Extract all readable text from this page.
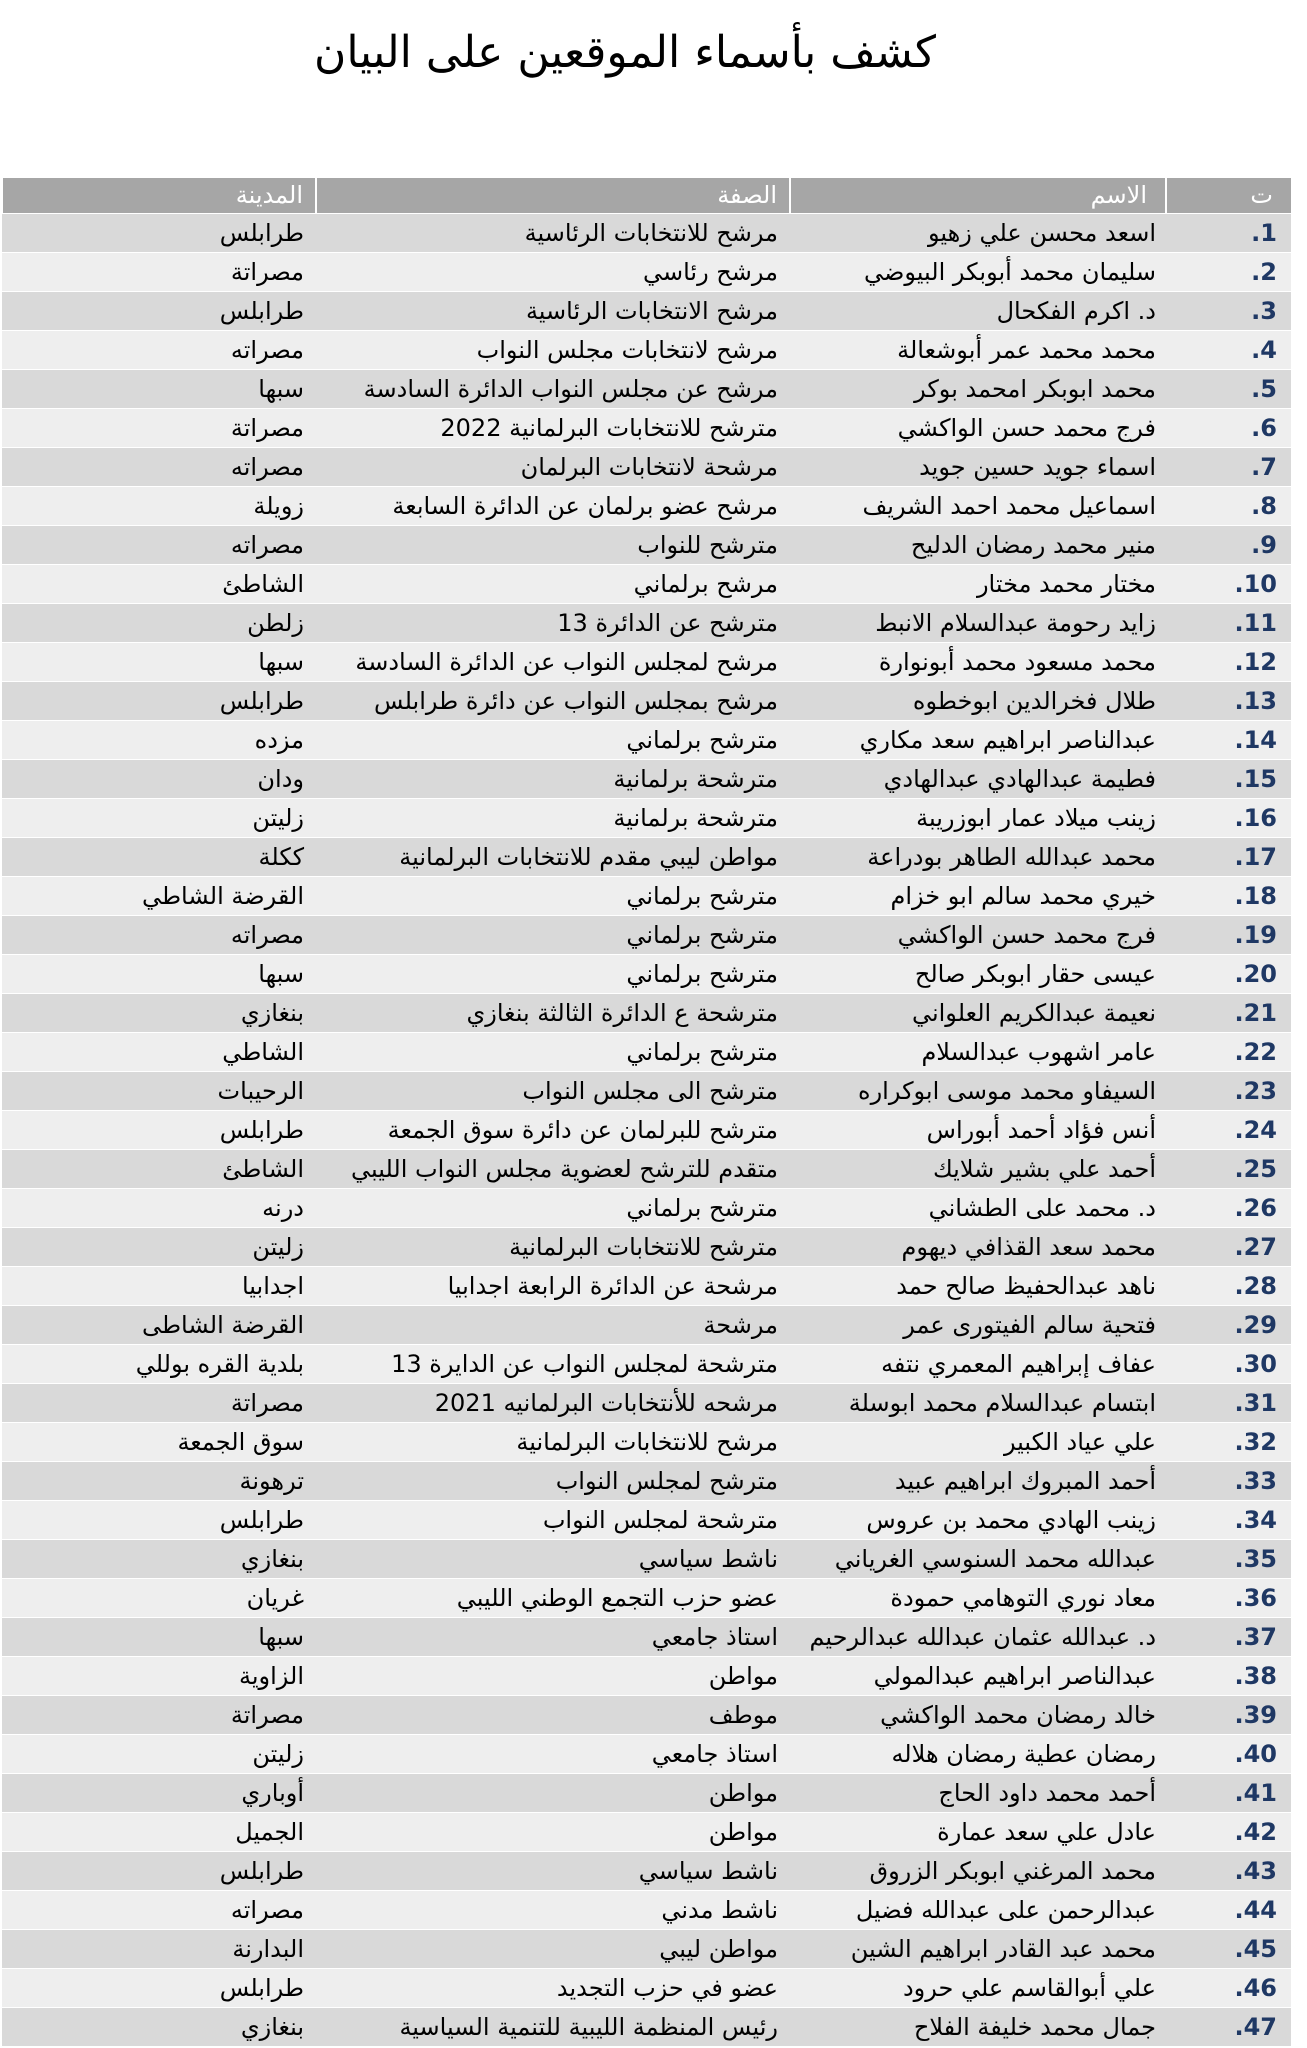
كشف بأسماء الموقعين على البيان
ت	الاسم	الصفة	المدينة
1.	اسعد محسن علي زهيو	مرشح للانتخابات الرئاسية	طرابلس
2.	سليمان محمد أبوبكر البيوضي	مرشح رئاسي	مصراتة
3.	د. اكرم الفكحال	مرشح الانتخابات الرئاسية	طرابلس
4.	محمد محمد عمر أبوشعالة	مرشح لانتخابات مجلس النواب	مصراته
5.	محمد ابوبكر امحمد بوكر	مرشح عن مجلس النواب الدائرة السادسة	سبها
6.	فرج محمد حسن الواكشي	مترشح للانتخابات البرلمانية 2022	مصراتة
7.	اسماء جويد حسين جويد	مرشحة لانتخابات البرلمان	مصراته
8.	اسماعيل محمد احمد الشريف	مرشح عضو برلمان عن الدائرة السابعة	زويلة
9.	منير محمد رمضان الدليح	مترشح للنواب	مصراته
10.	مختار محمد مختار	مرشح برلماني	الشاطئ
11.	زايد رحومة عبدالسلام الانبط	مترشح عن الدائرة 13	زلطن
12.	محمد مسعود محمد أبونوارة	مرشح لمجلس النواب عن الدائرة السادسة	سبها
13.	طلال فخرالدين ابوخطوه	مرشح بمجلس النواب عن دائرة طرابلس	طرابلس
14.	عبدالناصر ابراهيم سعد مكاري	مترشح برلماني	مزده
15.	فطيمة عبدالهادي عبدالهادي	مترشحة برلمانية	ودان
16.	زينب ميلاد عمار ابوزريبة	مترشحة برلمانية	زليتن
17.	محمد عبدالله الطاهر بودراعة	مواطن ليبي مقدم للانتخابات البرلمانية	ككلة
18.	خيري محمد سالم ابو خزام	مترشح برلماني	القرضة الشاطي
19.	فرج محمد حسن الواكشي	مترشح برلماني	مصراته
20.	عيسى حقار ابوبكر صالح	مترشح برلماني	سبها
21.	نعيمة عبدالكريم العلواني	مترشحة ع الدائرة الثالثة بنغازي	بنغازي
22.	عامر اشهوب عبدالسلام	مترشح برلماني	الشاطي
23.	السيفاو محمد موسى ابوكراره	مترشح الى مجلس النواب	الرحيبات
24.	أنس فؤاد أحمد أبوراس	مترشح للبرلمان عن دائرة سوق الجمعة	طرابلس
25.	أحمد علي بشير شلايك	متقدم للترشح لعضوية مجلس النواب الليبي	الشاطئ
26.	د. محمد على الطشاني	مترشح برلماني	درنه
27.	محمد سعد القذافي ديهوم	مترشح للانتخابات البرلمانية	زليتن
28.	ناهد عبدالحفيظ صالح حمد	مرشحة عن الدائرة الرابعة اجدابيا	اجدابيا
29.	فتحية سالم الفيتورى عمر	مرشحة	القرضة الشاطى
30.	عفاف إبراهيم المعمري نتفه	مترشحة لمجلس النواب عن الدايرة 13	بلدية القره بوللي
31.	ابتسام عبدالسلام محمد ابوسلة	مرشحه للأنتخابات البرلمانيه 2021	مصراتة
32.	علي عياد الكبير	مرشح للانتخابات البرلمانية	سوق الجمعة
33.	أحمد المبروك ابراهيم عبيد	مترشح لمجلس النواب	ترهونة
34.	زينب الهادي محمد بن عروس	مترشحة لمجلس النواب	طرابلس
35.	عبدالله محمد السنوسي الغرياني	ناشط سياسي	بنغازي
36.	معاد نوري التوهامي حمودة	عضو حزب التجمع الوطني الليبي	غريان
37.	د. عبدالله عثمان عبدالله عبدالرحيم	استاذ جامعي	سبها
38.	عبدالناصر ابراهيم عبدالمولي	مواطن	الزاوية
39.	خالد رمضان محمد الواكشي	موطف	مصراتة
40.	رمضان عطية رمضان هلاله	استاذ جامعي	زليتن
41.	أحمد محمد داود الحاج	مواطن	أوباري
42.	عادل علي سعد عمارة	مواطن	الجميل
43.	محمد المرغني ابوبكر الزروق	ناشط سياسي	طرابلس
44.	عبدالرحمن على عبدالله فضيل	ناشط مدني	مصراته
45.	محمد عبد القادر ابراهيم الشين	مواطن ليبي	البدارنة
46.	علي أبوالقاسم علي حرود	عضو في حزب التجديد	طرابلس
47.	جمال محمد خليفة الفلاح	رئيس المنظمة الليبية للتنمية السياسية	بنغازي
